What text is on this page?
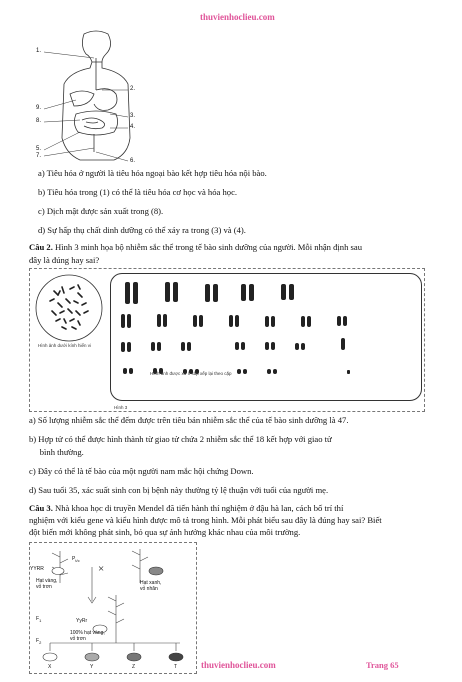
thuvienhoclieu.com
1.
2.
9.
8.
3.
4.
5.
7.
6.
a) Tiêu hóa ở người là tiêu hóa ngoại bào kết hợp tiêu hóa nội bào.
b) Tiêu hóa trong (1) có thể là tiêu hóa cơ học và hóa học.
c) Dịch mật được sản xuất trong (8).
d) Sự hấp thụ chất dinh dưỡng có thể xảy ra trong (3) và (4).
Câu 2. Hình 3 minh họa bộ nhiễm sắc thể trong tế bào sinh dưỡng của người. Mỗi nhận định sau
đây là đúng hay sai?
Hình ảnh dưới kính hiển vi
Hình ảnh được xử lí sắp xếp lại theo cặp
Hình 3
a) Số lượng nhiễm sắc thể đếm được trên tiêu bản nhiễm sắc thể của tế bào sinh dưỡng là 47.
b) Hợp tử có thể được hình thành từ giao tử chứa 2 nhiễm sắc thể 18 kết hợp với giao tử
bình thường.
c) Đây có thể là tế bào của một người nam mắc hội chứng Down.
d) Sau tuổi 35, xác suất sinh con bị bệnh này thường tỷ lệ thuận với tuổi của người mẹ.
Câu 3. Nhà khoa học di truyền Mendel đã tiến hành thí nghiệm ở đậu hà lan, cách bố trí thí
nghiệm với kiểu gene và kiểu hình được mô tả trong hình. Mỗi phát biểu sau đây là đúng hay sai? Biết
đột biến mới không phát sinh, bỏ qua sự ảnh hưởng khác nhau của môi trường.
$P_{t/c}$
YYRR
Hạt vàng,
vỏ trơn
×
Hạt xanh,
vỏ nhăn
$F_1$	YyRr
100% hạt vàng,
vỏ trơn
$F_2$
X	Y	Z	T	thuvienhoclieu.com	Trang 65
